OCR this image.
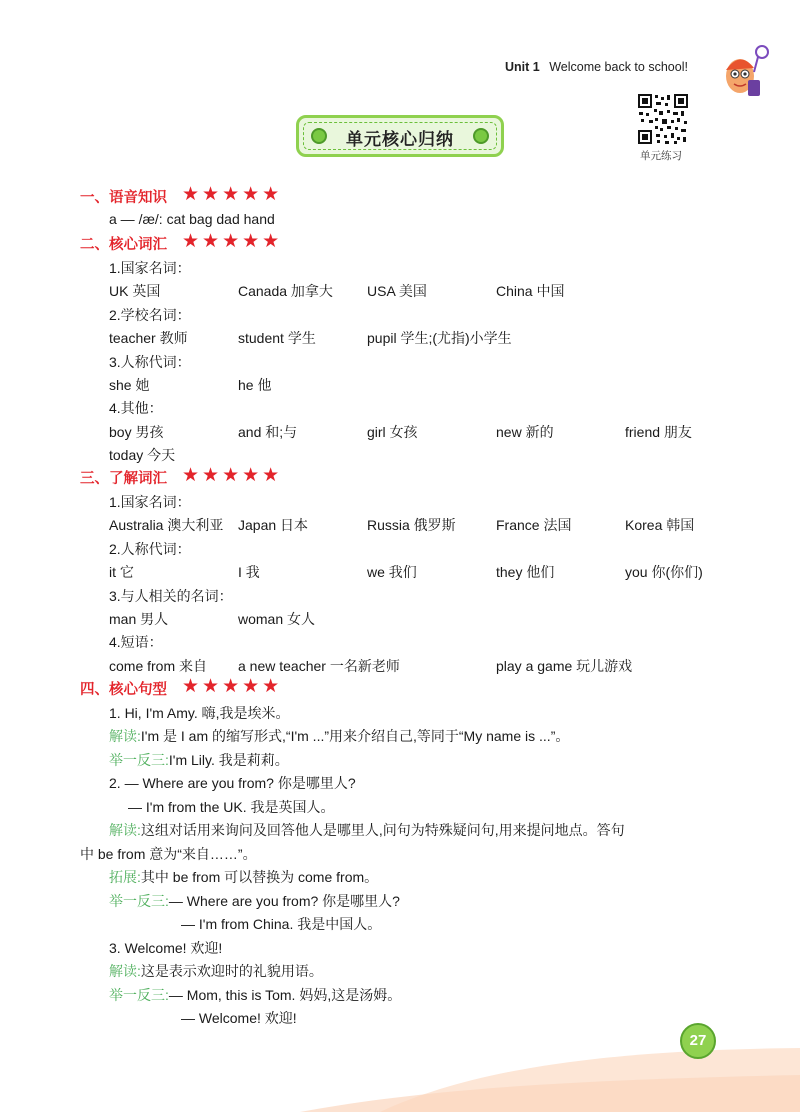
Unit 1 Welcome back to school!
单元练习
单元核心归纳
一、语音知识 ★★★★★
a — /æ/: cat bag dad hand
二、核心词汇 ★★★★★
1.国家名词：
UK 英国	Canada 加拿大 USA 美国	China 中国
2.学校名词：
teacher 教师	student 学生	pupil 学生;(尤指)小学生
3.人称代词：
she 她	he 他
4.其他：
boy 男孩	and 和;与	girl 女孩	new 新的	friend 朋友
today 今天
三、了解词汇 ★★★★★
1.国家名词：
Australia 澳大利亚 Japan 日本	Russia 俄罗斯	France 法国	Korea 韩国
2.人称代词：
it 它	I 我	we 我们	they 他们	you 你(你们)
3.与人相关的名词：
man 男人	woman 女人
4.短语：
come from 来自 a new teacher 一名新老师	play a game 玩儿游戏
四、核心句型 ★★★★★
1. Hi, I'm Amy. 嗨,我是埃米。
解读:I'm 是 I am 的缩写形式,“I'm ...”用来介绍自己,等同于“My name is ...”。
举一反三:I'm Lily. 我是莉莉。
2. — Where are you from? 你是哪里人?
— I'm from the UK. 我是英国人。
解读:这组对话用来询问及回答他人是哪里人,问句为特殊疑问句,用来提问地点。答句
中 be from 意为“来自……”。
拓展:其中 be from 可以替换为 come from。
举一反三:— Where are you from? 你是哪里人?
— I'm from China. 我是中国人。
3. Welcome! 欢迎!
解读:这是表示欢迎时的礼貌用语。
举一反三:— Mom, this is Tom. 妈妈,这是汤姆。
— Welcome! 欢迎!
27
